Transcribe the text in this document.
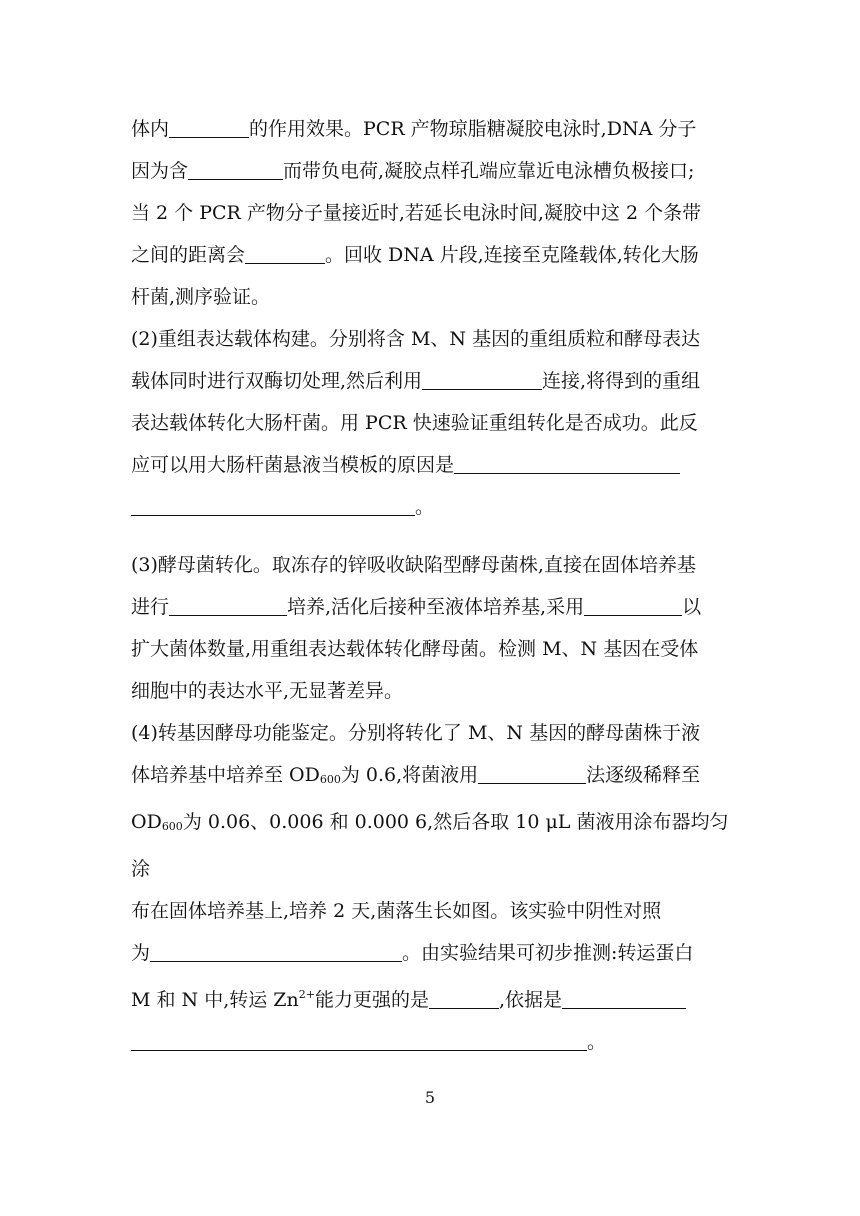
体内	的作用效果。PCR 产物琼脂糖凝胶电泳时,DNA 分子

因为含	而带负电荷,凝胶点样孔端应靠近电泳槽负极接口;

当 2 个 PCR 产物分子量接近时,若延长电泳时间,凝胶中这 2 个条带

之间的距离会	。回收 DNA 片段,连接至克隆载体,转化大肠

杆菌,测序验证。

(2)重组表达载体构建。分别将含 M、N 基因的重组质粒和酵母表达

载体同时进行双酶切处理,然后利用	连接,将得到的重组

表达载体转化大肠杆菌。用 PCR 快速验证重组转化是否成功。此反

应可以用大肠杆菌悬液当模板的原因是

。

(3)酵母菌转化。取冻存的锌吸收缺陷型酵母菌株,直接在固体培养基

进行	培养,活化后接种至液体培养基,采用	以

扩大菌体数量,用重组表达载体转化酵母菌。检测 M、N 基因在受体

细胞中的表达水平,无显著差异。

(4)转基因酵母功能鉴定。分别将转化了 M、N 基因的酵母菌株于液

体培养基中培养至 $OD_{600}$为 0.6,将菌液用	法逐级稀释至

$OD_{600}$为 0.06、0.006 和 0.000 6,然后各取 10 μL 菌液用涂布器均匀涂

布在固体培养基上,培养 2 天,菌落生长如图。该实验中阴性对照

为	。由实验结果可初步推测:转运蛋白

M 和 N 中,转运 $Zn^{2+}$能力更强的是	,依据是

。

5
